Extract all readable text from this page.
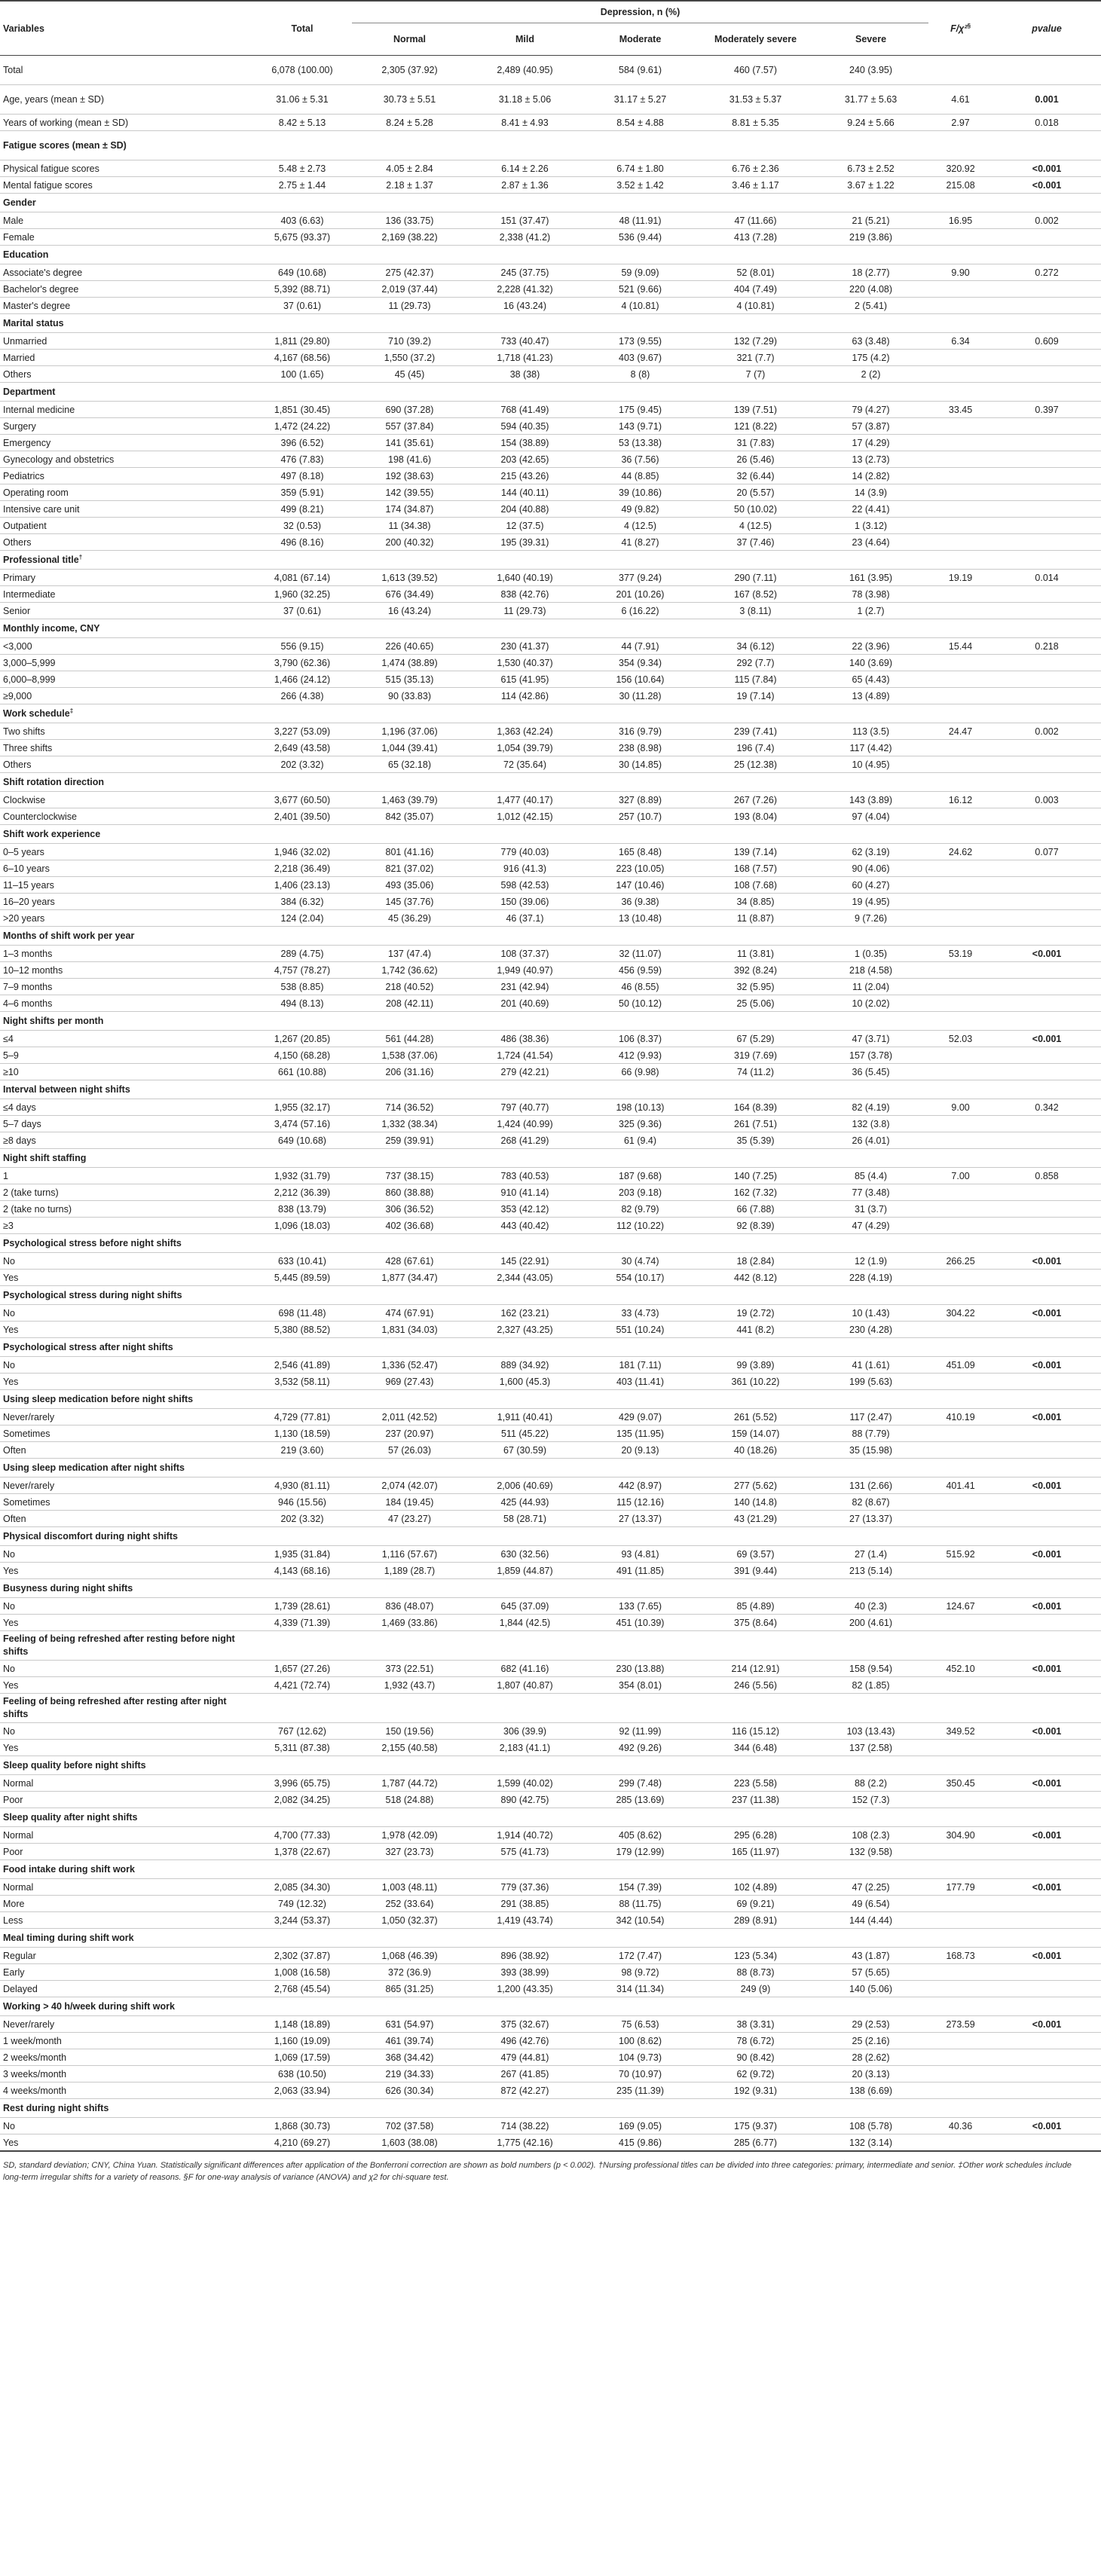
Variables	Total	Depression, n (%)					F/χ²§	pvalue
		Normal	Mild	Moderate	Moderately severe	Severe		
Total	6,078 (100.00)	2,305 (37.92)	2,489 (40.95)	584 (9.61)	460 (7.57)	240 (3.95)		
Age, years (mean ± SD)	31.06 ± 5.31	30.73 ± 5.51	31.18 ± 5.06	31.17 ± 5.27	31.53 ± 5.37	31.77 ± 5.63	4.61	0.001
Years of working (mean ± SD)	8.42 ± 5.13	8.24 ± 5.28	8.41 ± 4.93	8.54 ± 4.88	8.81 ± 5.35	9.24 ± 5.66	2.97	0.018
Fatigue scores (mean ± SD)								
Physical fatigue scores	5.48 ± 2.73	4.05 ± 2.84	6.14 ± 2.26	6.74 ± 1.80	6.76 ± 2.36	6.73 ± 2.52	320.92	<0.001
Mental fatigue scores	2.75 ± 1.44	2.18 ± 1.37	2.87 ± 1.36	3.52 ± 1.42	3.46 ± 1.17	3.67 ± 1.22	215.08	<0.001
Gender								
Male	403 (6.63)	136 (33.75)	151 (37.47)	48 (11.91)	47 (11.66)	21 (5.21)	16.95	0.002
Female	5,675 (93.37)	2,169 (38.22)	2,338 (41.2)	536 (9.44)	413 (7.28)	219 (3.86)		
Education								
Associate's degree	649 (10.68)	275 (42.37)	245 (37.75)	59 (9.09)	52 (8.01)	18 (2.77)	9.90	0.272
Bachelor's degree	5,392 (88.71)	2,019 (37.44)	2,228 (41.32)	521 (9.66)	404 (7.49)	220 (4.08)		
Master's degree	37 (0.61)	11 (29.73)	16 (43.24)	4 (10.81)	4 (10.81)	2 (5.41)		
Marital status								
Unmarried	1,811 (29.80)	710 (39.2)	733 (40.47)	173 (9.55)	132 (7.29)	63 (3.48)	6.34	0.609
Married	4,167 (68.56)	1,550 (37.2)	1,718 (41.23)	403 (9.67)	321 (7.7)	175 (4.2)		
Others	100 (1.65)	45 (45)	38 (38)	8 (8)	7 (7)	2 (2)		
Department								
Internal medicine	1,851 (30.45)	690 (37.28)	768 (41.49)	175 (9.45)	139 (7.51)	79 (4.27)	33.45	0.397
Surgery	1,472 (24.22)	557 (37.84)	594 (40.35)	143 (9.71)	121 (8.22)	57 (3.87)		
Emergency	396 (6.52)	141 (35.61)	154 (38.89)	53 (13.38)	31 (7.83)	17 (4.29)		
Gynecology and obstetrics	476 (7.83)	198 (41.6)	203 (42.65)	36 (7.56)	26 (5.46)	13 (2.73)		
Pediatrics	497 (8.18)	192 (38.63)	215 (43.26)	44 (8.85)	32 (6.44)	14 (2.82)		
Operating room	359 (5.91)	142 (39.55)	144 (40.11)	39 (10.86)	20 (5.57)	14 (3.9)		
Intensive care unit	499 (8.21)	174 (34.87)	204 (40.88)	49 (9.82)	50 (10.02)	22 (4.41)		
Outpatient	32 (0.53)	11 (34.38)	12 (37.5)	4 (12.5)	4 (12.5)	1 (3.12)		
Others	496 (8.16)	200 (40.32)	195 (39.31)	41 (8.27)	37 (7.46)	23 (4.64)		
Professional title†
Primary	4,081 (67.14)	1,613 (39.52)	1,640 (40.19)	377 (9.24)	290 (7.11)	161 (3.95)	19.19	0.014
Intermediate	1,960 (32.25)	676 (34.49)	838 (42.76)	201 (10.26)	167 (8.52)	78 (3.98)		
Senior	37 (0.61)	16 (43.24)	11 (29.73)	6 (16.22)	3 (8.11)	1 (2.7)		
Monthly income, CNY								
<3,000	556 (9.15)	226 (40.65)	230 (41.37)	44 (7.91)	34 (6.12)	22 (3.96)	15.44	0.218
3,000–5,999	3,790 (62.36)	1,474 (38.89)	1,530 (40.37)	354 (9.34)	292 (7.7)	140 (3.69)		
6,000–8,999	1,466 (24.12)	515 (35.13)	615 (41.95)	156 (10.64)	115 (7.84)	65 (4.43)		
≥9,000	266 (4.38)	90 (33.83)	114 (42.86)	30 (11.28)	19 (7.14)	13 (4.89)		
Work schedule‡
Two shifts	3,227 (53.09)	1,196 (37.06)	1,363 (42.24)	316 (9.79)	239 (7.41)	113 (3.5)	24.47	0.002
Three shifts	2,649 (43.58)	1,044 (39.41)	1,054 (39.79)	238 (8.98)	196 (7.4)	117 (4.42)		
Others	202 (3.32)	65 (32.18)	72 (35.64)	30 (14.85)	25 (12.38)	10 (4.95)		
Shift rotation direction								
Clockwise	3,677 (60.50)	1,463 (39.79)	1,477 (40.17)	327 (8.89)	267 (7.26)	143 (3.89)	16.12	0.003
Counterclockwise	2,401 (39.50)	842 (35.07)	1,012 (42.15)	257 (10.7)	193 (8.04)	97 (4.04)		
Shift work experience								
0–5 years	1,946 (32.02)	801 (41.16)	779 (40.03)	165 (8.48)	139 (7.14)	62 (3.19)	24.62	0.077
6–10 years	2,218 (36.49)	821 (37.02)	916 (41.3)	223 (10.05)	168 (7.57)	90 (4.06)		
11–15 years	1,406 (23.13)	493 (35.06)	598 (42.53)	147 (10.46)	108 (7.68)	60 (4.27)		
16–20 years	384 (6.32)	145 (37.76)	150 (39.06)	36 (9.38)	34 (8.85)	19 (4.95)		
>20 years	124 (2.04)	45 (36.29)	46 (37.1)	13 (10.48)	11 (8.87)	9 (7.26)		
Months of shift work per year								
1–3 months	289 (4.75)	137 (47.4)	108 (37.37)	32 (11.07)	11 (3.81)	1 (0.35)	53.19	<0.001
10–12 months	4,757 (78.27)	1,742 (36.62)	1,949 (40.97)	456 (9.59)	392 (8.24)	218 (4.58)		
7–9 months	538 (8.85)	218 (40.52)	231 (42.94)	46 (8.55)	32 (5.95)	11 (2.04)		
4–6 months	494 (8.13)	208 (42.11)	201 (40.69)	50 (10.12)	25 (5.06)	10 (2.02)		
Night shifts per month								
≤4	1,267 (20.85)	561 (44.28)	486 (38.36)	106 (8.37)	67 (5.29)	47 (3.71)	52.03	<0.001
5–9	4,150 (68.28)	1,538 (37.06)	1,724 (41.54)	412 (9.93)	319 (7.69)	157 (3.78)		
≥10	661 (10.88)	206 (31.16)	279 (42.21)	66 (9.98)	74 (11.2)	36 (5.45)		
Interval between night shifts								
≤4 days	1,955 (32.17)	714 (36.52)	797 (40.77)	198 (10.13)	164 (8.39)	82 (4.19)	9.00	0.342
5–7 days	3,474 (57.16)	1,332 (38.34)	1,424 (40.99)	325 (9.36)	261 (7.51)	132 (3.8)		
≥8 days	649 (10.68)	259 (39.91)	268 (41.29)	61 (9.4)	35 (5.39)	26 (4.01)		
Night shift staffing								
1	1,932 (31.79)	737 (38.15)	783 (40.53)	187 (9.68)	140 (7.25)	85 (4.4)	7.00	0.858
2 (take turns)	2,212 (36.39)	860 (38.88)	910 (41.14)	203 (9.18)	162 (7.32)	77 (3.48)		
2 (take no turns)	838 (13.79)	306 (36.52)	353 (42.12)	82 (9.79)	66 (7.88)	31 (3.7)		
≥3	1,096 (18.03)	402 (36.68)	443 (40.42)	112 (10.22)	92 (8.39)	47 (4.29)		
Psychological stress before night shifts								
No	633 (10.41)	428 (67.61)	145 (22.91)	30 (4.74)	18 (2.84)	12 (1.9)	266.25	<0.001
Yes	5,445 (89.59)	1,877 (34.47)	2,344 (43.05)	554 (10.17)	442 (8.12)	228 (4.19)		
Psychological stress during night shifts								
No	698 (11.48)	474 (67.91)	162 (23.21)	33 (4.73)	19 (2.72)	10 (1.43)	304.22	<0.001
Yes	5,380 (88.52)	1,831 (34.03)	2,327 (43.25)	551 (10.24)	441 (8.2)	230 (4.28)		
Psychological stress after night shifts								
No	2,546 (41.89)	1,336 (52.47)	889 (34.92)	181 (7.11)	99 (3.89)	41 (1.61)	451.09	<0.001
Yes	3,532 (58.11)	969 (27.43)	1,600 (45.3)	403 (11.41)	361 (10.22)	199 (5.63)		
Using sleep medication before night shifts								
Never/rarely	4,729 (77.81)	2,011 (42.52)	1,911 (40.41)	429 (9.07)	261 (5.52)	117 (2.47)	410.19	<0.001
Sometimes	1,130 (18.59)	237 (20.97)	511 (45.22)	135 (11.95)	159 (14.07)	88 (7.79)		
Often	219 (3.60)	57 (26.03)	67 (30.59)	20 (9.13)	40 (18.26)	35 (15.98)		
Using sleep medication after night shifts								
Never/rarely	4,930 (81.11)	2,074 (42.07)	2,006 (40.69)	442 (8.97)	277 (5.62)	131 (2.66)	401.41	<0.001
Sometimes	946 (15.56)	184 (19.45)	425 (44.93)	115 (12.16)	140 (14.8)	82 (8.67)		
Often	202 (3.32)	47 (23.27)	58 (28.71)	27 (13.37)	43 (21.29)	27 (13.37)		
Physical discomfort during night shifts								
No	1,935 (31.84)	1,116 (57.67)	630 (32.56)	93 (4.81)	69 (3.57)	27 (1.4)	515.92	<0.001
Yes	4,143 (68.16)	1,189 (28.7)	1,859 (44.87)	491 (11.85)	391 (9.44)	213 (5.14)		
Busyness during night shifts								
No	1,739 (28.61)	836 (48.07)	645 (37.09)	133 (7.65)	85 (4.89)	40 (2.3)	124.67	<0.001
Yes	4,339 (71.39)	1,469 (33.86)	1,844 (42.5)	451 (10.39)	375 (8.64)	200 (4.61)		
Feeling of being refreshed after resting before night shifts								
No	1,657 (27.26)	373 (22.51)	682 (41.16)	230 (13.88)	214 (12.91)	158 (9.54)	452.10	<0.001
Yes	4,421 (72.74)	1,932 (43.7)	1,807 (40.87)	354 (8.01)	246 (5.56)	82 (1.85)		
Feeling of being refreshed after resting after night shifts								
No	767 (12.62)	150 (19.56)	306 (39.9)	92 (11.99)	116 (15.12)	103 (13.43)	349.52	<0.001
Yes	5,311 (87.38)	2,155 (40.58)	2,183 (41.1)	492 (9.26)	344 (6.48)	137 (2.58)		
Sleep quality before night shifts								
Normal	3,996 (65.75)	1,787 (44.72)	1,599 (40.02)	299 (7.48)	223 (5.58)	88 (2.2)	350.45	<0.001
Poor	2,082 (34.25)	518 (24.88)	890 (42.75)	285 (13.69)	237 (11.38)	152 (7.3)		
Sleep quality after night shifts								
Normal	4,700 (77.33)	1,978 (42.09)	1,914 (40.72)	405 (8.62)	295 (6.28)	108 (2.3)	304.90	<0.001
Poor	1,378 (22.67)	327 (23.73)	575 (41.73)	179 (12.99)	165 (11.97)	132 (9.58)		
Food intake during shift work								
Normal	2,085 (34.30)	1,003 (48.11)	779 (37.36)	154 (7.39)	102 (4.89)	47 (2.25)	177.79	<0.001
More	749 (12.32)	252 (33.64)	291 (38.85)	88 (11.75)	69 (9.21)	49 (6.54)		
Less	3,244 (53.37)	1,050 (32.37)	1,419 (43.74)	342 (10.54)	289 (8.91)	144 (4.44)		
Meal timing during shift work								
Regular	2,302 (37.87)	1,068 (46.39)	896 (38.92)	172 (7.47)	123 (5.34)	43 (1.87)	168.73	<0.001
Early	1,008 (16.58)	372 (36.9)	393 (38.99)	98 (9.72)	88 (8.73)	57 (5.65)		
Delayed	2,768 (45.54)	865 (31.25)	1,200 (43.35)	314 (11.34)	249 (9)	140 (5.06)		
Working > 40 h/week during shift work								
Never/rarely	1,148 (18.89)	631 (54.97)	375 (32.67)	75 (6.53)	38 (3.31)	29 (2.53)	273.59	<0.001
1 week/month	1,160 (19.09)	461 (39.74)	496 (42.76)	100 (8.62)	78 (6.72)	25 (2.16)		
2 weeks/month	1,069 (17.59)	368 (34.42)	479 (44.81)	104 (9.73)	90 (8.42)	28 (2.62)		
3 weeks/month	638 (10.50)	219 (34.33)	267 (41.85)	70 (10.97)	62 (9.72)	20 (3.13)		
4 weeks/month	2,063 (33.94)	626 (30.34)	872 (42.27)	235 (11.39)	192 (9.31)	138 (6.69)		
Rest during night shifts								
No	1,868 (30.73)	702 (37.58)	714 (38.22)	169 (9.05)	175 (9.37)	108 (5.78)	40.36	<0.001
Yes	4,210 (69.27)	1,603 (38.08)	1,775 (42.16)	415 (9.86)	285 (6.77)	132 (3.14)		
SD, standard deviation; CNY, China Yuan. Statistically significant differences after application of the Bonferroni correction are shown as bold numbers (p < 0.002). †Nursing professional titles can be divided into three categories: primary, intermediate and senior. ‡Other work schedules include long-term irregular shifts for a variety of reasons. §F for one-way analysis of variance (ANOVA) and χ2 for chi-square test.
